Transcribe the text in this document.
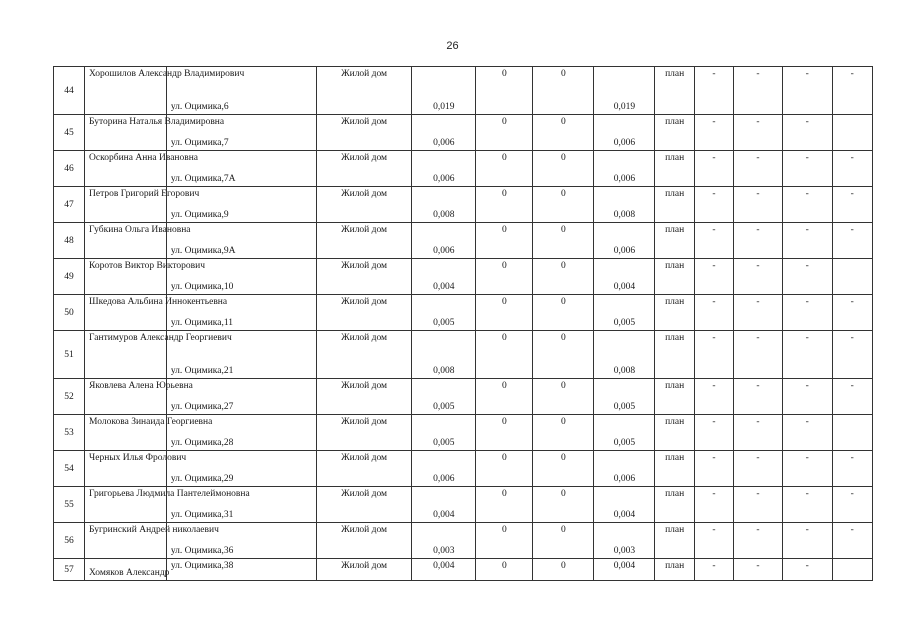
26
44	Хорошилов Александр Владимирович	ул. Оцимика,6	Жилой дом	0,019	0	0	0,019	план	-	-	-	-
45	Буторина Наталья Владимировна	ул. Оцимика,7	Жилой дом	0,006	0	0	0,006	план	-	-	-	
46	Оскорбина Анна Ивановна	ул. Оцимика,7А	Жилой дом	0,006	0	0	0,006	план	-	-	-	-
47	Петров Григорий Егорович	ул. Оцимика,9	Жилой дом	0,008	0	0	0,008	план	-	-	-	-
48	Губкина Ольга Ивановна	ул. Оцимика,9А	Жилой дом	0,006	0	0	0,006	план	-	-	-	-
49	Коротов Виктор Викторович	ул. Оцимика,10	Жилой дом	0,004	0	0	0,004	план	-	-	-	
50	Шкедова Альбина Иннокентьевна	ул. Оцимика,11	Жилой дом	0,005	0	0	0,005	план	-	-	-	-
51	Гантимуров Александр Георгиевич	ул. Оцимика,21	Жилой дом	0,008	0	0	0,008	план	-	-	-	-
52	Яковлева Алена Юрьевна	ул. Оцимика,27	Жилой дом	0,005	0	0	0,005	план	-	-	-	-
53	Молокова Зинаида Георгиевна	ул. Оцимика,28	Жилой дом	0,005	0	0	0,005	план	-	-	-	
54	Черных Илья Фролович	ул. Оцимика,29	Жилой дом	0,006	0	0	0,006	план	-	-	-	-
55	Григорьева Людмила Пантелеймоновна	ул. Оцимика,31	Жилой дом	0,004	0	0	0,004	план	-	-	-	-
56	Бугринский Андрей николаевич	ул. Оцимика,36	Жилой дом	0,003	0	0	0,003	план	-	-	-	-
57	Хомяков Александр	ул. Оцимика,38	Жилой дом	0,004	0	0	0,004	план	-	-	-	
